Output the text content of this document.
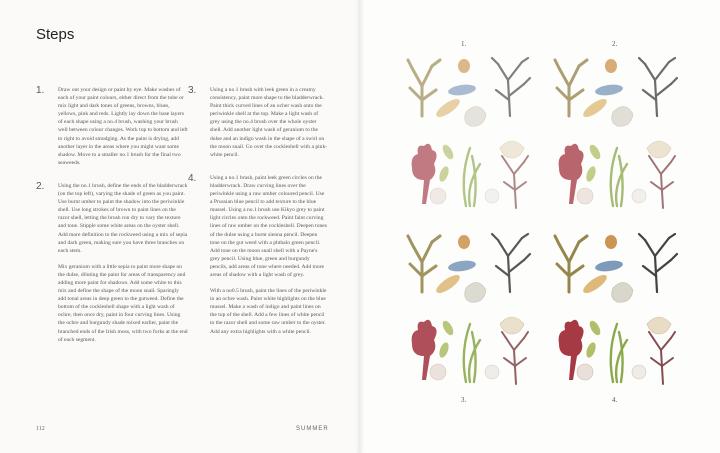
Steps
1.	Draw out your design or paint by eye. Make washes of each of your paint colours, either direct from the tube or mix light and dark tones of greens, browns, blues, yellows, pink and reds. Lightly lay down the base layers of each shape using a no.4 brush, washing your brush well between colour changes. Work top to bottom and left to right to avoid smudging. As the paint is drying, add another layer in the areas where you might want some shadow. Move to a smaller no.1 brush for the final two seaweeds.

2.	Using the no.1 brush, define the ends of the bladderwrack (on the top left), varying the shade of green as you paint. Use burnt umber to paint the shadow into the periwinkle shell. Use long strokes of brown to paint lines on the razor shell, letting the brush run dry to vary the texture and tone. Stipple some white areas on the oyster shell. Add more definition to the rockweed using a mix of sepia and dark green, making sure you have three branches on each stem.

Mix geranium with a little sepia to paint more shape on the dulse, diluting the paint for areas of transparency and adding more paint for shadows. Add some white to this mix and define the shape of the moon snail. Sparingly add tonal areas in deep green to the gutweed. Define the bottom of the cockleshell shape with a light wash of ochre, then once dry, paint in four curving lines. Using the ochre and burgundy shade mixed earlier, paint the branched ends of the Irish moss, with two forks at the end of each segment.

3.	Using a no.1 brush with leek green in a creamy consistency, paint more shape to the bladderwrack. Paint thick curved lines of an ocher wash onto the periwinkle shell at the top. Make a light wash of grey using the no.4 brush over the whole oyster shell. Add another light wash of geranium to the dulse and an indigo wash in the shape of a swirl on the moon snail. Go over the cockleshell with a pink-white pencil.

4.	Using a no.1 brush, paint leek green circles on the bladderwrack. Draw curving lines over the periwinkle using a raw umber coloured pencil. Use a Prussian blue pencil to add texture to the blue mussel. Using a no.1 brush use Kikyo grey to paint light circles onto the rockweed. Paint faint curving lines of raw umber on the cockleshell. Deepen tones of the dulse using a burnt sienna pencil. Deepen tone on the gut weed with a phthalo green pencil. Add tone on the moon snail shell with a Payne's grey pencil. Using blue, green and burgundy pencils, add areas of tone where needed. Add more areas of shadow with a light wash of grey.

With a no0.5 brush, paint the lines of the periwinkle in an ochre wash. Paint white highlights on the blue mussel. Make a wash of indigo and paint lines on the top of the shell. Add a few lines of white pencil to the razor shell and some raw umber to the oyster. Add any extra highlights with a white pencil.

112	SUMMER
1.	2.
3.	4.
